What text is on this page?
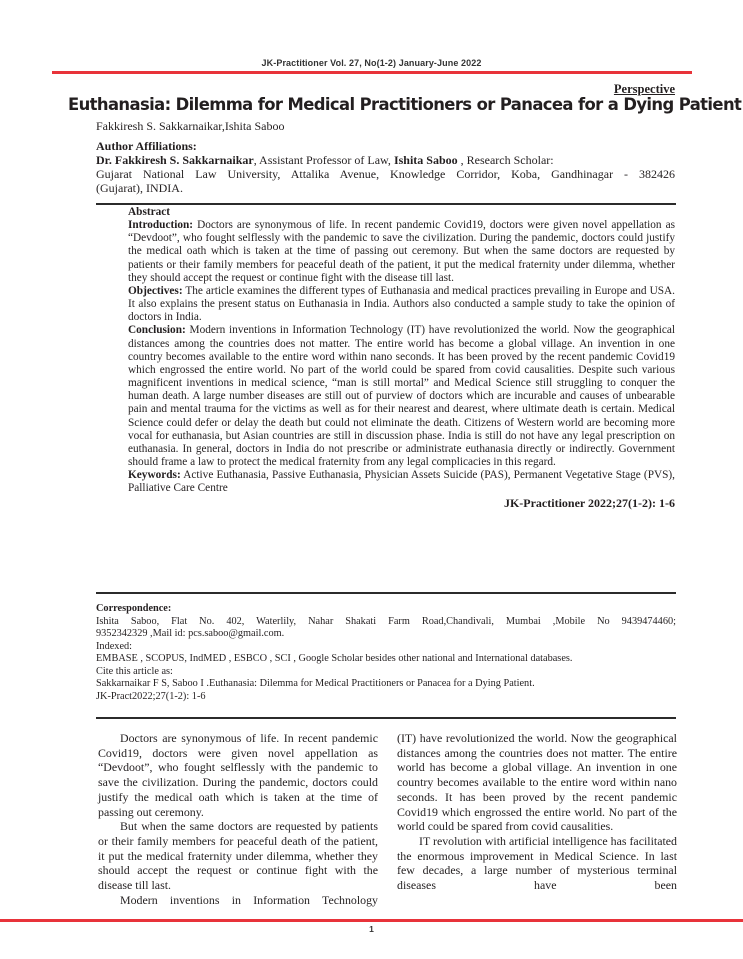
JK-Practitioner Vol. 27, No(1-2) January-June 2022
Perspective
Euthanasia: Dilemma for Medical Practitioners or Panacea for a Dying Patient
Fakkiresh S. Sakkarnaikar,Ishita Saboo
Author Affiliations:
Dr. Fakkiresh S. Sakkarnaikar, Assistant Professor of Law, Ishita Saboo , Research Scholar:
Gujarat National Law University, Attalika Avenue, Knowledge Corridor, Koba, Gandhinagar - 382426
(Gujarat), INDIA.

Abstract

Introduction: Doctors are synonymous of life. In recent pandemic Covid19, doctors were given novel appellation as “Devdoot”, who fought selflessly with the pandemic to save the civilization. During the pandemic, doctors could justify the medical oath which is taken at the time of passing out ceremony. But when the same doctors are requested by patients or their family members for peaceful death of the patient, it put the medical fraternity under dilemma, whether they should accept the request or continue fight with the disease till last.

Objectives: The article examines the different types of Euthanasia and medical practices prevailing in Europe and USA. It also explains the present status on Euthanasia in India. Authors also conducted a sample study to take the opinion of doctors in India.

Conclusion: Modern inventions in Information Technology (IT) have revolutionized the world. Now the geographical distances among the countries does not matter. The entire world has become a global village. An invention in one country becomes available to the entire word within nano seconds. It has been proved by the recent pandemic Covid19 which engrossed the entire world. No part of the world could be spared from covid causalities. Despite such various magnificent inventions in medical science, “man is still mortal” and Medical Science still struggling to conquer the human death. A large number diseases are still out of purview of doctors which are incurable and causes of unbearable pain and mental trauma for the victims as well as for their nearest and dearest, where ultimate death is certain. Medical Science could defer or delay the death but could not eliminate the death. Citizens of Western world are becoming more vocal for euthanasia, but Asian countries are still in discussion phase. India is still do not have any legal prescription on euthanasia. In general, doctors in India do not prescribe or administrate euthanasia directly or indirectly. Government should frame a law to protect the medical fraternity from any legal complicacies in this regard.

Keywords: Active Euthanasia, Passive Euthanasia, Physician Assets Suicide (PAS), Permanent Vegetative Stage (PVS), Palliative Care Centre

JK-Practitioner 2022;27(1-2): 1-6

Correspondence:

Ishita Saboo, Flat No. 402, Waterlily, Nahar Shakati Farm Road,Chandivali, Mumbai ,Mobile No 9439474460;

9352342329 ,Mail id: pcs.saboo@gmail.com.

Indexed:

EMBASE , SCOPUS, IndMED , ESBCO , SCI , Google Scholar besides other national and International databases.

Cite this article as:

Sakkarnaikar F S, Saboo I .Euthanasia: Dilemma for Medical Practitioners or Panacea for a Dying Patient.

JK-Pract2022;27(1-2): 1-6

Doctors are synonymous of life. In recent pandemic Covid19, doctors were given novel appellation as “Devdoot”, who fought selflessly with the pandemic to save the civilization. During the pandemic, doctors could justify the medical oath which is taken at the time of passing out ceremony.

But when the same doctors are requested by patients or their family members for peaceful death of the patient, it put the medical fraternity under dilemma, whether they should accept the request or continue fight with the disease till last.

Modern inventions in Information Technology

(IT) have revolutionized the world. Now the geographical distances among the countries does not matter. The entire world has become a global village. An invention in one country becomes available to the entire word within nano seconds. It has been proved by the recent pandemic Covid19 which engrossed the entire world. No part of the world could be spared from covid causalities.

IT revolution with artificial intelligence has facilitated the enormous improvement in Medical Science. In last few decades, a large number of mysterious terminal diseases have been

1
